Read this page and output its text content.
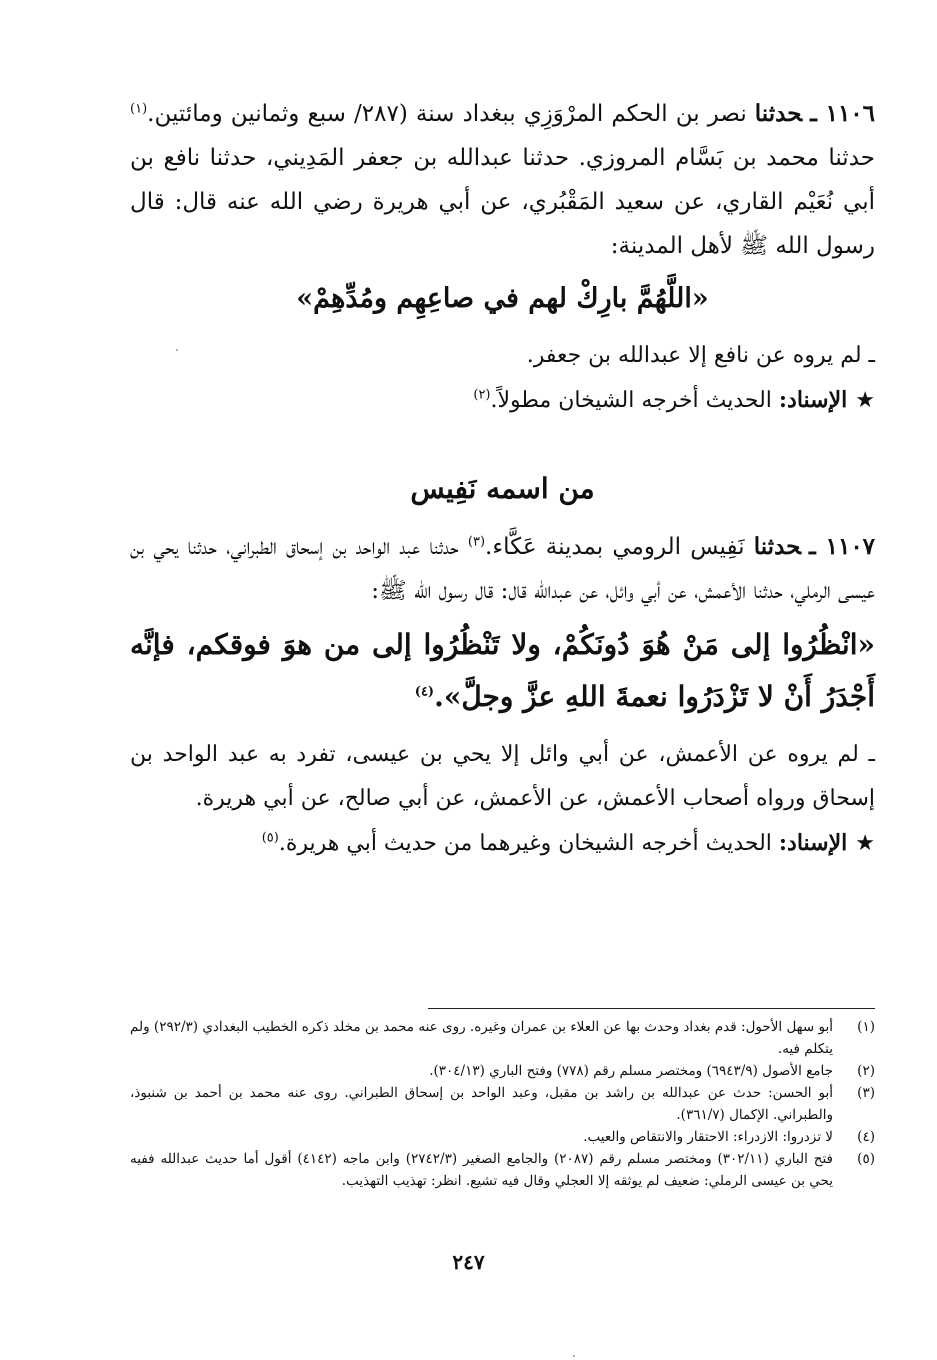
١١٠٦ ـحدثنا نصر بن الحكم المرْوَزِي ببغداد سنة (٢٨٧/ سبع وثمانين ومائتين.$^{(١)}$ حدثنا محمد بن بَسَّام المروزي. حدثنا عبدالله بن جعفر المَدِيني، حدثنا نافع بن أبي نُعَيْم القاري، عن سعيد المَقْبُري، عن أبي هريرة رضي الله عنه قال: قال رسول الله ﷺ لأهل المدينة:
«اللَّهُمَّ بارِكْ لهم في صاعِهِم ومُدِّهِمْ»
ـ لم يروه عن نافع إلا عبدالله بن جعفر.
★الإسناد: الحديث أخرجه الشيخان مطولاً.$^{(٢)}$
من اسمه نَفِيس
١١٠٧ ـحدثنا نَفِيس الرومي بمدينة عَكَّاء.$^{(٣)}$ حدثنا عبد الواحد بن إسحاق الطبراني، حدثنا يحي بن عيسى الرملي، حدثنا الأعمش، عن أبي وائل، عن عبدالله قال: قال رسول الله ﷺ:
«انْظُرُوا إلى مَنْ هُوَ دُونَكُمْ، ولا تَنْظُرُوا إلى من هوَ فوقكم، فإنَّه أَجْدَرُ أَنْ لا تَزْدَرُوا نعمةَ اللهِ عزَّ وجلَّ».$^{(٤)}$
ـ لم يروه عن الأعمش، عن أبي وائل إلا يحي بن عيسى، تفرد به عبد الواحد بن إسحاق ورواه أصحاب الأعمش، عن الأعمش، عن أبي صالح، عن أبي هريرة.
★الإسناد: الحديث أخرجه الشيخان وغيرهما من حديث أبي هريرة.$^{(٥)}$
(١)
أبو سهل الأحول: قدم بغداد وحدث بها عن العلاء بن عمران وغيره. روى عنه محمد بن مخلد ذكره الخطيب البغدادي (٢٩٢/٣) ولم يتكلم فيه.
(٢)
جامع الأصول (٦٩٤٣/٩) ومختصر مسلم رقم (٧٧٨) وفتح الباري (٣٠٤/١٣).
(٣)
أبو الحسن: حدث عن عبدالله بن راشد بن مقبل، وعبد الواحد بن إسحاق الطبراني. روى عنه محمد بن أحمد بن شنبوذ، والطبراني. الإكمال (٣٦١/٧).
(٤)
لا تزدروا: الازدراء: الاحتقار والانتقاص والعيب.
(٥)
فتح الباري (٣٠٢/١١) ومختصر مسلم رقم (٢٠٨٧) والجامع الصغير (٢٧٤٢/٣) وابن ماجه (٤١٤٢) أقول أما حديث عبدالله ففيه يحي بن عيسى الرملي: ضعيف لم يوثقه إلا العجلي وقال فيه تشيع. انظر: تهذيب التهذيب.
٢٤٧
